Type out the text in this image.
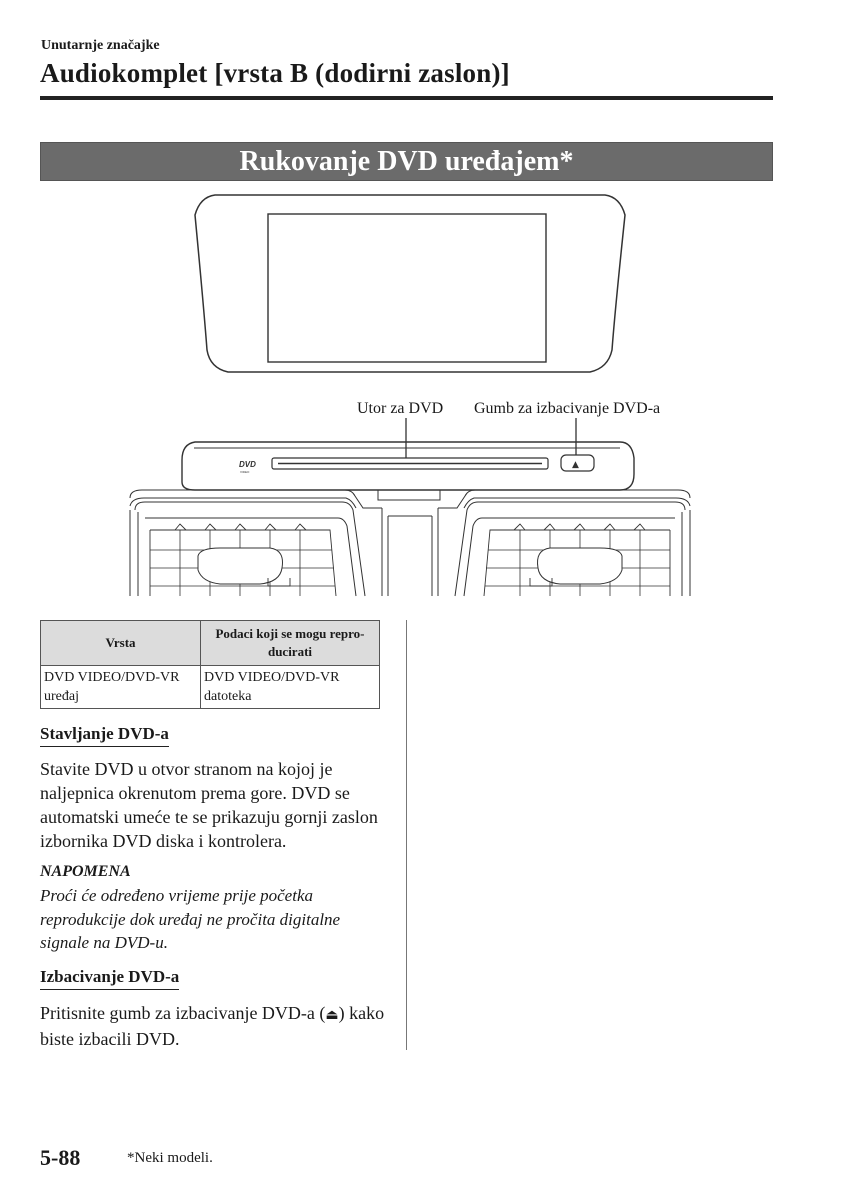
Unutarnje značajke
Audiokomplet [vrsta B (dodirni zaslon)]
Rukovanje DVD uređajem*
DVD
VIDEO
▲
Utor za DVD Gumb za izbacivanje DVD-a
Vrsta	Podaci koji se mogu repro-ducirati
DVD VIDEO/DVD-VR uređaj	DVD VIDEO/DVD-VR datoteka
Stavljanje DVD-a
Stavite DVD u otvor stranom na kojoj je naljepnica okrenutom prema gore. DVD se automatski umeće te se prikazuju gornji zaslon izbornika DVD diska i kontrolera.
NAPOMENA
Proći će određeno vrijeme prije početka reprodukcije dok uređaj ne pročita digitalne signale na DVD-u.
Izbacivanje DVD-a
Pritisnite gumb za izbacivanje DVD-a (⏏) kako biste izbacili DVD.
5-88	*Neki modeli.
